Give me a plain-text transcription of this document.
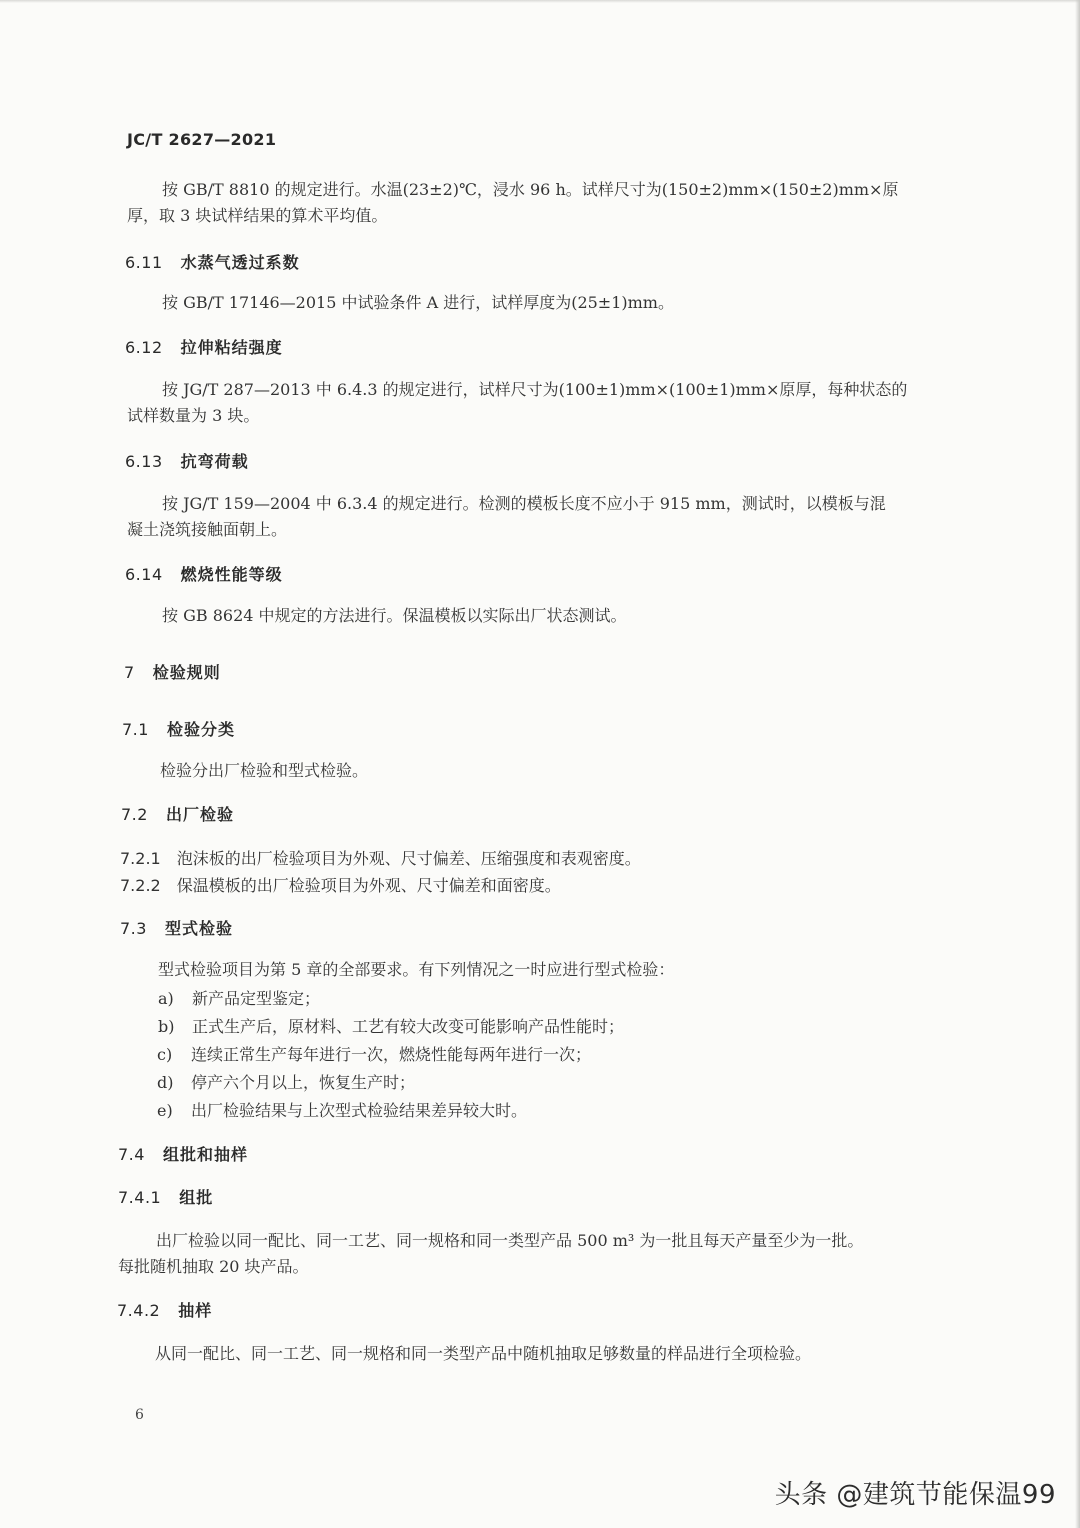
JC/T 2627—2021
按 GB/T 8810 的规定进行。水温(23±2)℃，浸水 96 h。试样尺寸为(150±2)mm×(150±2)mm×原
厚，取 3 块试样结果的算术平均值。
6.11 水蒸气透过系数
按 GB/T 17146—2015 中试验条件 A 进行，试样厚度为(25±1)mm。
6.12 拉伸粘结强度
按 JG/T 287—2013 中 6.4.3 的规定进行，试样尺寸为(100±1)mm×(100±1)mm×原厚，每种状态的
试样数量为 3 块。
6.13 抗弯荷载
按 JG/T 159—2004 中 6.3.4 的规定进行。检测的模板长度不应小于 915 mm，测试时，以模板与混
凝土浇筑接触面朝上。
6.14 燃烧性能等级
按 GB 8624 中规定的方法进行。保温模板以实际出厂状态测试。
7 检验规则
7.1 检验分类
检验分出厂检验和型式检验。
7.2 出厂检验
7.2.1 泡沫板的出厂检验项目为外观、尺寸偏差、压缩强度和表观密度。
7.2.2 保温模板的出厂检验项目为外观、尺寸偏差和面密度。
7.3 型式检验
型式检验项目为第 5 章的全部要求。有下列情况之一时应进行型式检验：
a) 新产品定型鉴定；
b) 正式生产后，原材料、工艺有较大改变可能影响产品性能时；
c) 连续正常生产每年进行一次，燃烧性能每两年进行一次；
d) 停产六个月以上，恢复生产时；
e) 出厂检验结果与上次型式检验结果差异较大时。
7.4 组批和抽样
7.4.1 组批
出厂检验以同一配比、同一工艺、同一规格和同一类型产品 500 m³ 为一批且每天产量至少为一批。
每批随机抽取 20 块产品。
7.4.2 抽样
从同一配比、同一工艺、同一规格和同一类型产品中随机抽取足够数量的样品进行全项检验。
6
头条 @建筑节能保温99
